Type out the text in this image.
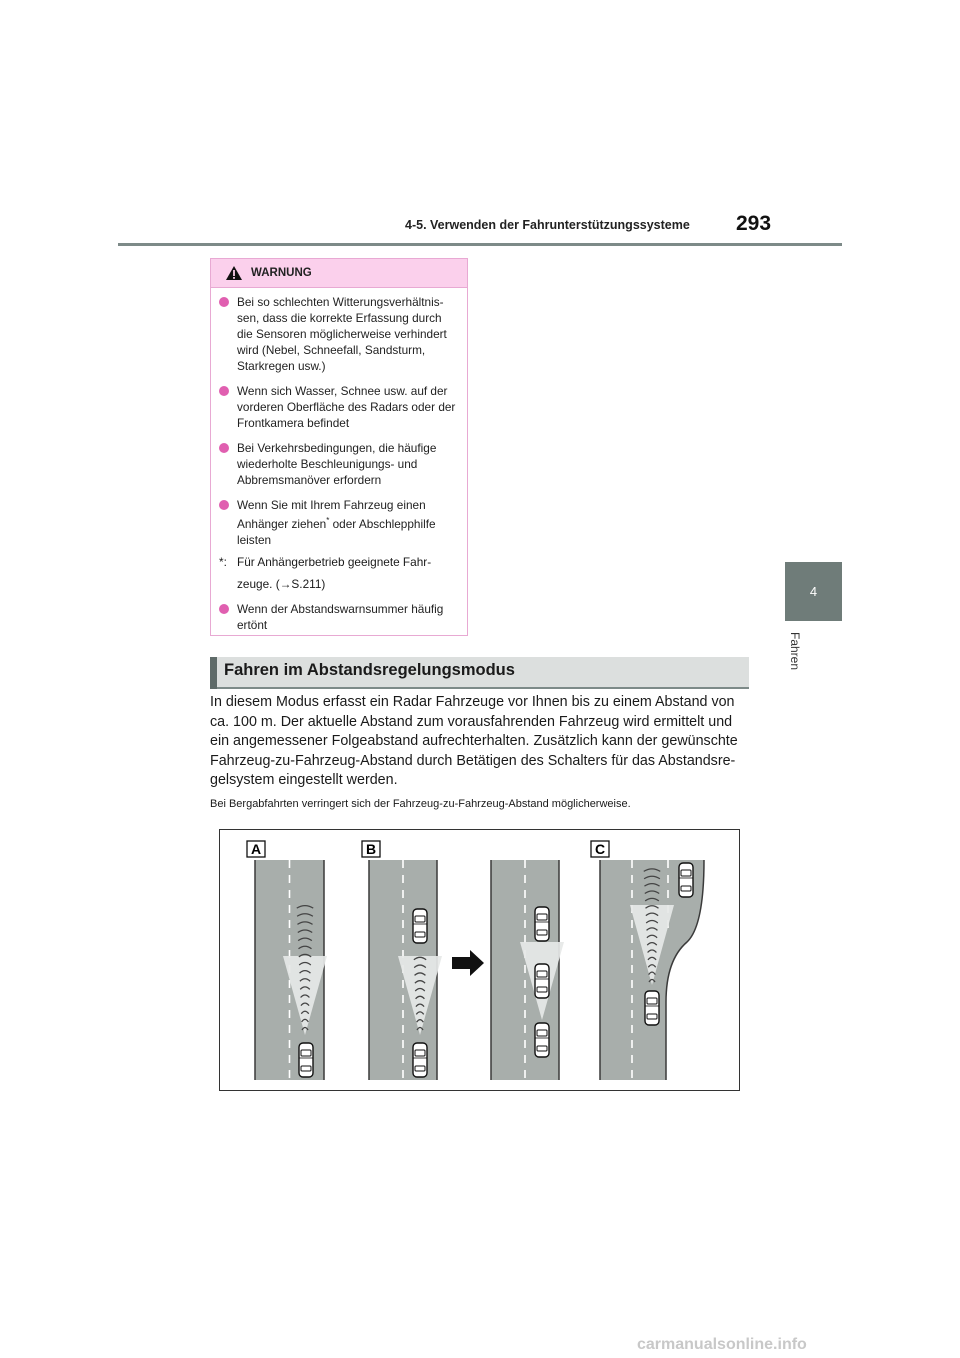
4-5. Verwenden der Fahrunterstützungssysteme 293
4
Fahren
WARNUNG
Bei so schlechten Witterungsverhältnis-sen, dass die korrekte Erfassung durch die Sensoren möglicherweise verhindert wird (Nebel, Schneefall, Sandsturm, Starkregen usw.)
Wenn sich Wasser, Schnee usw. auf der vorderen Oberfläche des Radars oder der Frontkamera befindet
Bei Verkehrsbedingungen, die häufige wiederholte Beschleunigungs- und Abbremsmanöver erfordern
Wenn Sie mit Ihrem Fahrzeug einen Anhänger ziehen* oder Abschlepphilfe leisten
*: Für Anhängerbetrieb geeignete Fahr-zeuge. (→S.211)
Wenn der Abstandswarnsummer häufig ertönt
Fahren im Abstandsregelungsmodus
In diesem Modus erfasst ein Radar Fahrzeuge vor Ihnen bis zu einem Abstand von ca. 100 m. Der aktuelle Abstand zum vorausfahrenden Fahrzeug wird ermittelt und ein angemessener Folgeabstand aufrechterhalten. Zusätzlich kann der gewünschte Fahrzeug-zu-Fahrzeug-Abstand durch Betätigen des Schalters für das Abstandsre-gelsystem eingestellt werden.
Bei Bergabfahrten verringert sich der Fahrzeug-zu-Fahrzeug-Abstand möglicherweise.
A	B	C
carmanualsonline.info
